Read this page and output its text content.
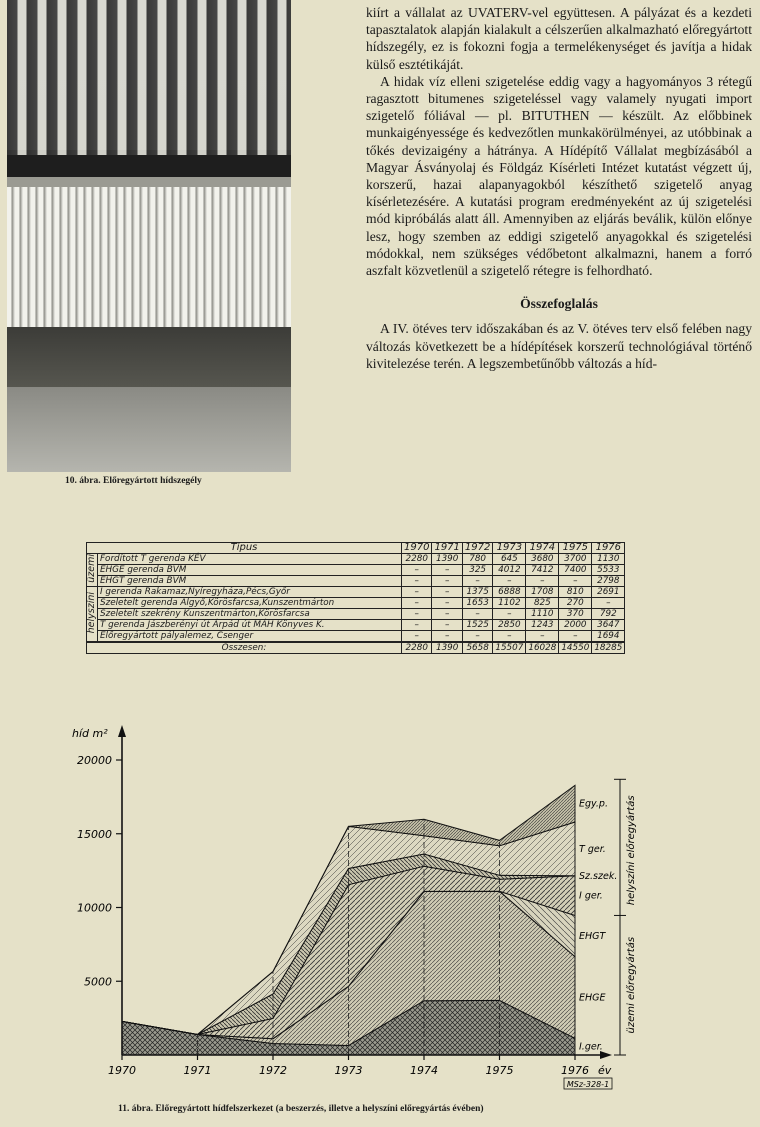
10. ábra. Előregyártott hídszegély

kiírt a vállalat az UVATERV-vel együttesen. A pályázat és a kezdeti tapasztalatok alapján kialakult a célszerűen alkalmazható előregyártott hídszegély, ez is fokozni fogja a termelékenységet és javítja a hidak külső esztétikáját.

A hidak víz elleni szigetelése eddig vagy a hagyományos 3 rétegű ragasztott bitumenes szigeteléssel vagy valamely nyugati import szigetelő fóliával — pl. BITUTHEN — készült. Az előbbinek munkaigényessége és kedvezőtlen munkakörülményei, az utóbbinak a tőkés devizaigény a hátránya. A Hídépítő Vállalat megbízásából a Magyar Ásványolaj és Földgáz Kísérleti Intézet kutatást végzett új, korszerű, hazai alapanyagokból készíthető szigetelő anyag kísérletezésére. A kutatási program eredményeként az új szigetelési mód kipróbálás alatt áll. Amennyiben az eljárás beválik, külön előnye lesz, hogy szemben az eddigi szigetelő anyagokkal és szigetelési módokkal, nem szükséges védőbetont alkalmazni, hanem a forró aszfalt közvetlenül a szigetelő rétegre is felhordható.

Összefoglalás

A IV. ötéves terv időszakában és az V. ötéves terv első felében nagy változás következett be a hídépítések korszerű technológiával történő kivitelezése terén. A legszembetűnőbb változás a híd-

Típus		1970	1971	1972	1973	1974	1975	1976
üzemi	Fordított T gerenda KÉV	2280	1390	780	645	3680	3700	1130
	EHGE gerenda BVM	–	–	325	4012	7412	7400	5533
	EHGT gerenda BVM	–	–	–	–	–	–	2798
helyszíni	I gerenda Rakamaz,Nyíregyháza,Pécs,Győr	–	–	1375	6888	1708	810	2691
	Szeletelt gerenda Algyő,Körösfarcsa,Kunszentmárton	–	–	1653	1102	825	270	–
	Szeletelt szekrény Kunszentmárton,Körösfarcsa	–	–	–	–	1110	370	792
	T gerenda Jászberényi út Árpád út MÁH Könyves K.	–	–	1525	2850	1243	2000	3647
	Előregyártott pályalemez, Csenger	–	–	–	–	–	–	1694
Összesen:		2280	1390	5658	15507	16028	14550	18285
5000
10000
15000
20000
1970	1971	1972	1973	1974	1975	1976
híd m²
év
I.ger.
EHGE
EHGT
I ger.
Sz.szek.
T ger.
Egy.p. helyszíni előregyártás
üzemi előregyártás
MSz-328-1
11. ábra. Előregyártott hídfelszerkezet (a beszerzés, illetve a helyszíni előregyártás évében)
